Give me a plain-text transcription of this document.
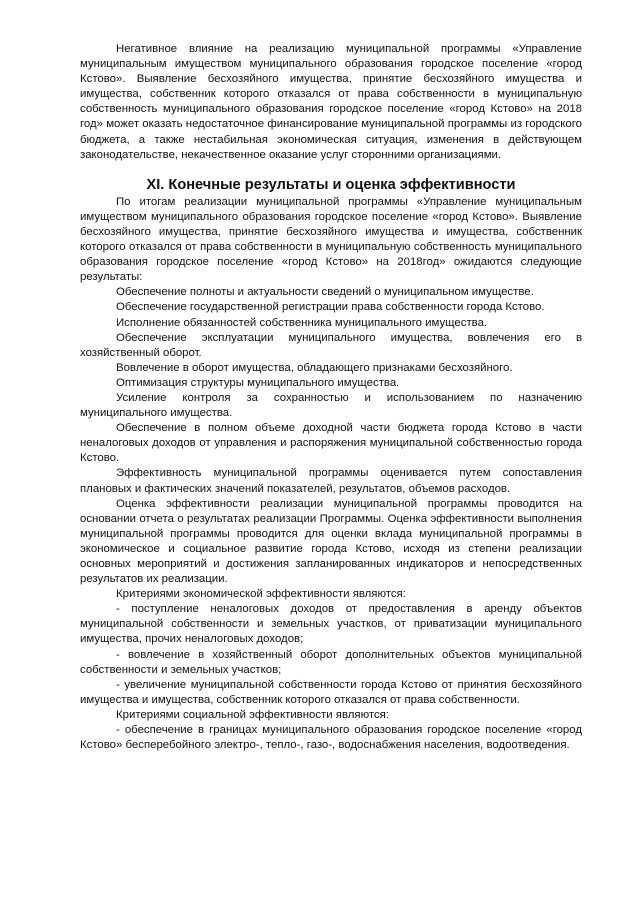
Негативное влияние на реализацию муниципальной программы «Управление муниципальным имуществом муниципального образования городское поселение «город Кстово». Выявление бесхозяйного имущества, принятие бесхозяйного имущества и имущества, собственник которого отказался от права собственности в муниципальную собственность муниципального образования городское поселение «город Кстово» на 2018 год» может оказать недостаточное финансирование муниципальной программы из городского бюджета, а также нестабильная экономическая ситуация, изменения в действующем законодательстве, некачественное оказание услуг сторонними организациями.

XI. Конечные результаты и оценка эффективности

По итогам реализации муниципальной программы «Управление муниципальным имуществом муниципального образования городское поселение «город Кстово». Выявление бесхозяйного имущества, принятие бесхозяйного имущества и имущества, собственник которого отказался от права собственности в муниципальную собственность муниципального образования городское поселение «город Кстово» на 2018год» ожидаются следующие результаты:

Обеспечение полноты и актуальности сведений о муниципальном имуществе.

Обеспечение государственной регистрации права собственности города Кстово.

Исполнение обязанностей собственника муниципального имущества.

Обеспечение эксплуатации муниципального имущества, вовлечения его в хозяйственный оборот.

Вовлечение в оборот имущества, обладающего признаками бесхозяйного.

Оптимизация структуры муниципального имущества.

Усиление контроля за сохранностью и использованием по назначению муниципального имущества.

Обеспечение в полном объеме доходной части бюджета города Кстово в части неналоговых доходов от управления и распоряжения муниципальной собственностью города Кстово.

Эффективность муниципальной программы оценивается путем сопоставления плановых и фактических значений показателей, результатов, объемов расходов.

Оценка эффективности реализации муниципальной программы проводится на основании отчета о результатах реализации Программы. Оценка эффективности выполнения муниципальной программы проводится для оценки вклада муниципальной программы в экономическое и социальное развитие города Кстово, исходя из степени реализации основных мероприятий и достижения запланированных индикаторов и непосредственных результатов их реализации.

Критериями экономической эффективности являются:

- поступление неналоговых доходов от предоставления в аренду объектов муниципальной собственности и земельных участков, от приватизации муниципального имущества, прочих неналоговых доходов;

- вовлечение в хозяйственный оборот дополнительных объектов муниципальной собственности и земельных участков;

- увеличение муниципальной собственности города Кстово от принятия бесхозяйного имущества и имущества, собственник которого отказался от права собственности.

Критериями социальной эффективности являются:

- обеспечение в границах муниципального образования городское поселение «город Кстово» бесперебойного электро-, тепло-, газо-, водоснабжения населения, водоотведения.
